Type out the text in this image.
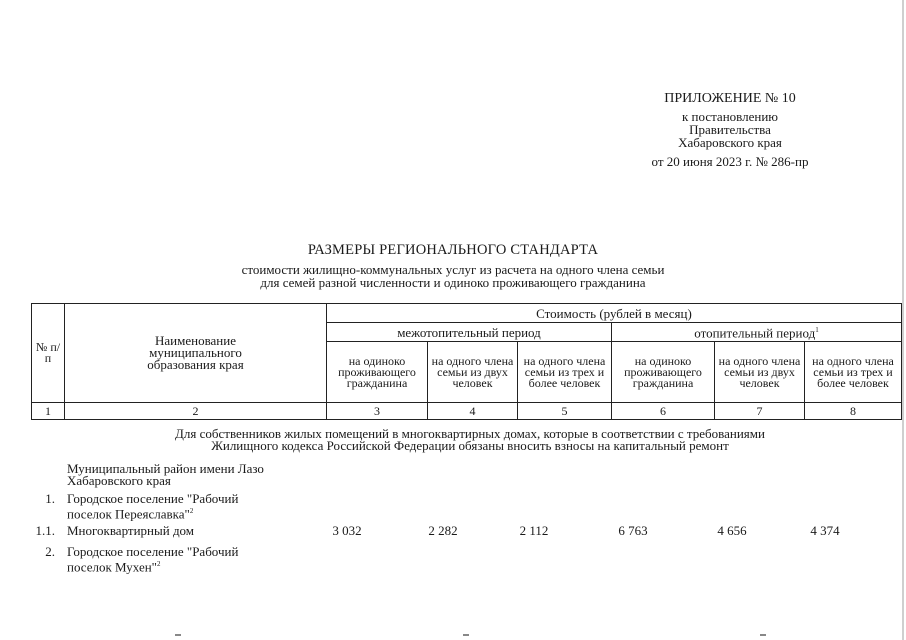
ПРИЛОЖЕНИЕ № 10
к постановлению
Правительства
Хабаровского края
от 20 июня 2023 г. № 286-пр
РАЗМЕРЫ РЕГИОНАЛЬНОГО СТАНДАРТА
стоимости жилищно-коммунальных услуг из расчета на одного члена семьи
для семей разной численности и одиноко проживающего гражданина
№ п/п	Наименование муниципального образования края	Стоимость (рублей в месяц)					
		межотопительный период			отопительный период$^1$
		на одиноко проживающего гражданина	на одного члена семьи из двух человек	на одного члена семьи из трех и более человек	на одиноко проживающего гражданина	на одного члена семьи из двух человек	на одного члена семьи из трех и более человек
1	2	3	4	5	6	7	8
Для собственников жилых помещений в многоквартирных домах, которые в соответствии с требованиями
Жилищного кодекса Российской Федерации обязаны вносить взносы на капитальный ремонт
Муниципальный район имени Лазо
Хабаровского края
1. Городское поселение "Рабочий
поселок Переяславка"$^2$
1.1. Многоквартирный дом	3 032	2 282	2 112	6 763	4 656	4 374
2. Городское поселение "Рабочий
поселок Мухен"$^2$
